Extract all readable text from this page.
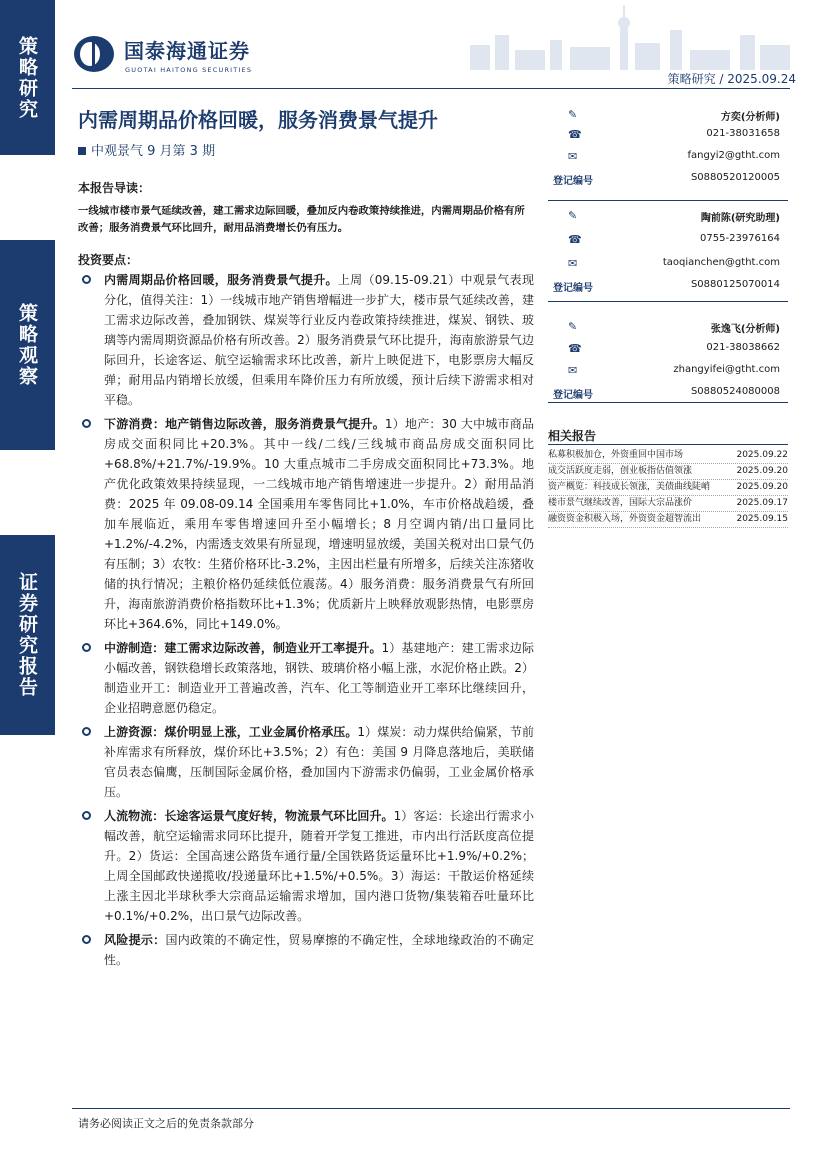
策略研究
策略观察
证券研究报告
国泰海通证券
GUOTAI HAITONG SECURITIES
策略研究 / 2025.09.24
内需周期品价格回暖，服务消费景气提升
中观景气 9 月第 3 期
本报告导读：
一线城市楼市景气延续改善，建工需求边际回暖，叠加反内卷政策持续推进，内需周期品价格有所改善；服务消费景气环比回升，耐用品消费增长仍有压力。
投资要点：
内需周期品价格回暖，服务消费景气提升。上周（09.15-09.21）中观景气表现分化，值得关注：1）一线城市地产销售增幅进一步扩大，楼市景气延续改善，建工需求边际改善，叠加钢铁、煤炭等行业反内卷政策持续推进，煤炭、钢铁、玻璃等内需周期资源品价格有所改善。2）服务消费景气环比提升，海南旅游景气边际回升，长途客运、航空运输需求环比改善，新片上映促进下，电影票房大幅反弹；耐用品内销增长放缓，但乘用车降价压力有所放缓，预计后续下游需求相对平稳。
下游消费：地产销售边际改善，服务消费景气提升。1）地产：30 大中城市商品房成交面积同比+20.3%。其中一线/二线/三线城市商品房成交面积同比+68.8%/+21.7%/-19.9%。10 大重点城市二手房成交面积同比+73.3%。地产优化政策效果持续显现，一二线城市地产销售增速进一步提升。2）耐用品消费：2025 年 09.08-09.14 全国乘用车零售同比+1.0%，车市价格战趋缓，叠加车展临近，乘用车零售增速回升至小幅增长；8 月空调内销/出口量同比+1.2%/-4.2%，内需透支效果有所显现，增速明显放缓，美国关税对出口景气仍有压制；3）农牧：生猪价格环比-3.2%，主因出栏量有所增多，后续关注冻猪收储的执行情况；主粮价格仍延续低位震荡。4）服务消费：服务消费景气有所回升，海南旅游消费价格指数环比+1.3%；优质新片上映释放观影热情，电影票房环比+364.6%，同比+149.0%。
中游制造：建工需求边际改善，制造业开工率提升。1）基建地产：建工需求边际小幅改善，钢铁稳增长政策落地，钢铁、玻璃价格小幅上涨，水泥价格止跌。2）制造业开工：制造业开工普遍改善，汽车、化工等制造业开工率环比继续回升，企业招聘意愿仍稳定。
上游资源：煤价明显上涨，工业金属价格承压。1）煤炭：动力煤供给偏紧，节前补库需求有所释放，煤价环比+3.5%；2）有色：美国 9 月降息落地后，美联储官员表态偏鹰，压制国际金属价格，叠加国内下游需求仍偏弱，工业金属价格承压。
人流物流：长途客运景气度好转，物流景气环比回升。1）客运：长途出行需求小幅改善，航空运输需求同环比提升，随着开学复工推进，市内出行活跃度高位提升。2）货运：全国高速公路货车通行量/全国铁路货运量环比+1.9%/+0.2%；上周全国邮政快递揽收/投递量环比+1.5%/+0.5%。3）海运：干散运价格延续上涨主因北半球秋季大宗商品运输需求增加，国内港口货物/集装箱吞吐量环比+0.1%/+0.2%，出口景气边际改善。
风险提示：国内政策的不确定性，贸易摩擦的不确定性，全球地缘政治的不确定性。
✎	方奕(分析师)
☎	021-38031658
✉	fangyi2@gtht.com
登记编号	S0880520120005
✎	陶前陈(研究助理)
☎	0755-23976164
✉	taoqianchen@gtht.com
登记编号	S0880125070014
✎	张逸飞(分析师)
☎	021-38038662
✉	zhangyifei@gtht.com
登记编号	S0880524080008
相关报告
私募积极加仓，外资重回中国市场	2025.09.22
成交活跃度走弱，创业板指估值领涨	2025.09.20
资产概览：科技成长领涨，美债曲线陡峭	2025.09.20
楼市景气继续改善，国际大宗品涨价	2025.09.17
融资资金积极入场，外资资金超智流出	2025.09.15
请务必阅读正文之后的免责条款部分
